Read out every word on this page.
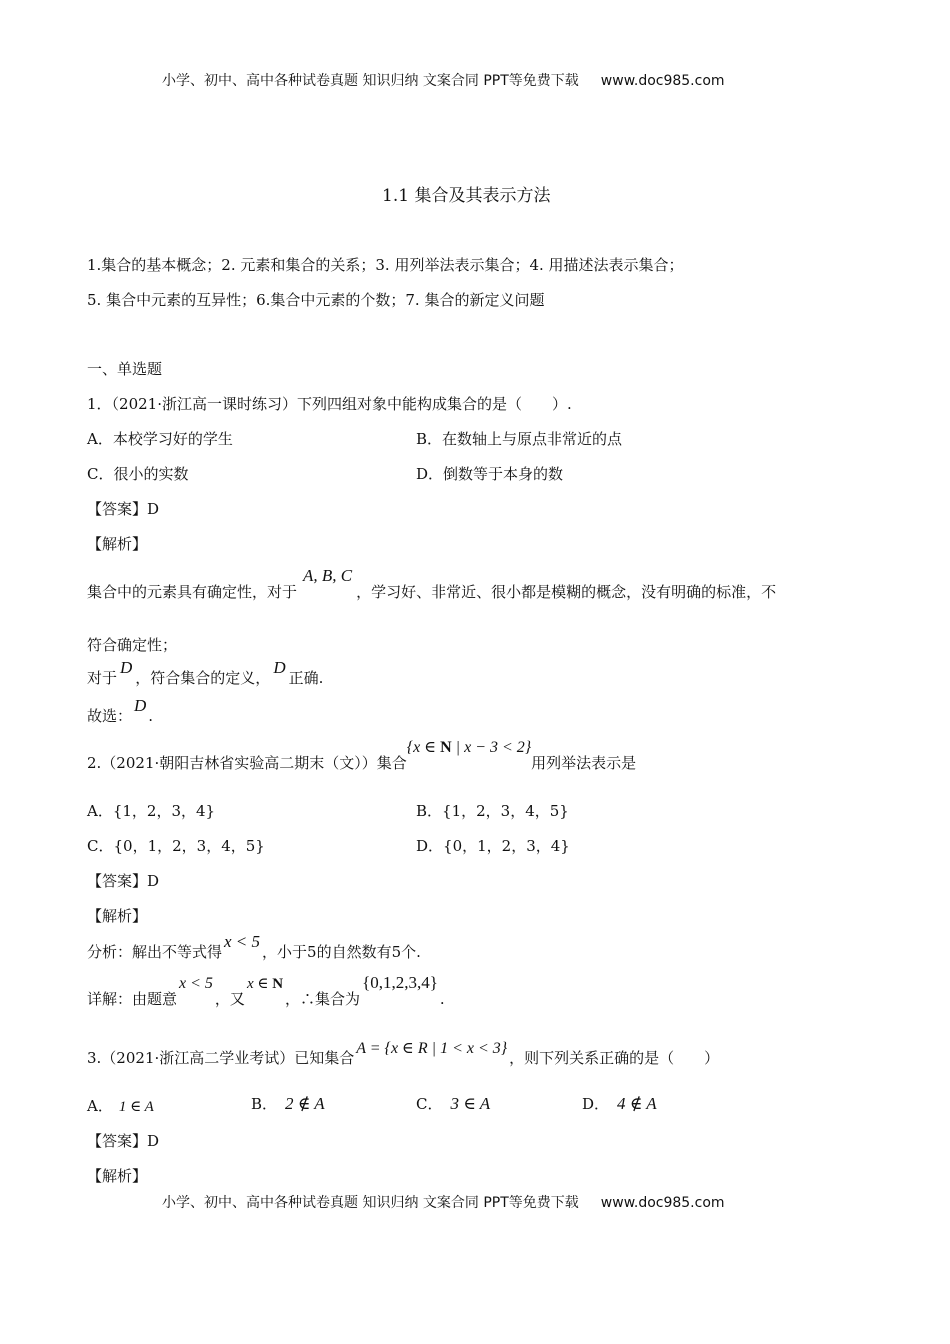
小学、初中、高中各种试卷真题 知识归纳 文案合同 PPT等免费下载 www.doc985.com
1.1 集合及其表示方法
1.集合的基本概念；2. 元素和集合的关系；3. 用列举法表示集合；4. 用描述法表示集合；
5. 集合中元素的互异性；6.集合中元素的个数；7. 集合的新定义问题
一、单选题
1．（2021·浙江高一课时练习）下列四组对象中能构成集合的是（　　）.
A．本校学习好的学生	B．在数轴上与原点非常近的点
C．很小的实数	D．倒数等于本身的数
【答案】D
【解析】
集合中的元素具有确定性，对于A, B, C，学习好、非常近、很小都是模糊的概念，没有明确的标准，不
符合确定性；
对于D，符合集合的定义，D正确.
故选：D.
2.（2021·朝阳吉林省实验高二期末（文））集合{x ∈ N | x − 3 < 2}用列举法表示是
A．{1，2，3，4}	B．{1，2，3，4，5}
C．{0，1，2，3，4，5}	D．{0，1，2，3，4}
【答案】D
【解析】
分析：解出不等式得x < 5，小于5的自然数有5个.
详解：由题意x < 5，又x ∈ N，∴集合为{0,1,2,3,4}.
3.（2021·浙江高二学业考试）已知集合A = {x ∈ R | 1 < x < 3}，则下列关系正确的是（　　）
A． 1 ∈ A	B． 2 ∉ A	C． 3 ∈ A	D． 4 ∉ A
【答案】D
【解析】
小学、初中、高中各种试卷真题 知识归纳 文案合同 PPT等免费下载 www.doc985.com
